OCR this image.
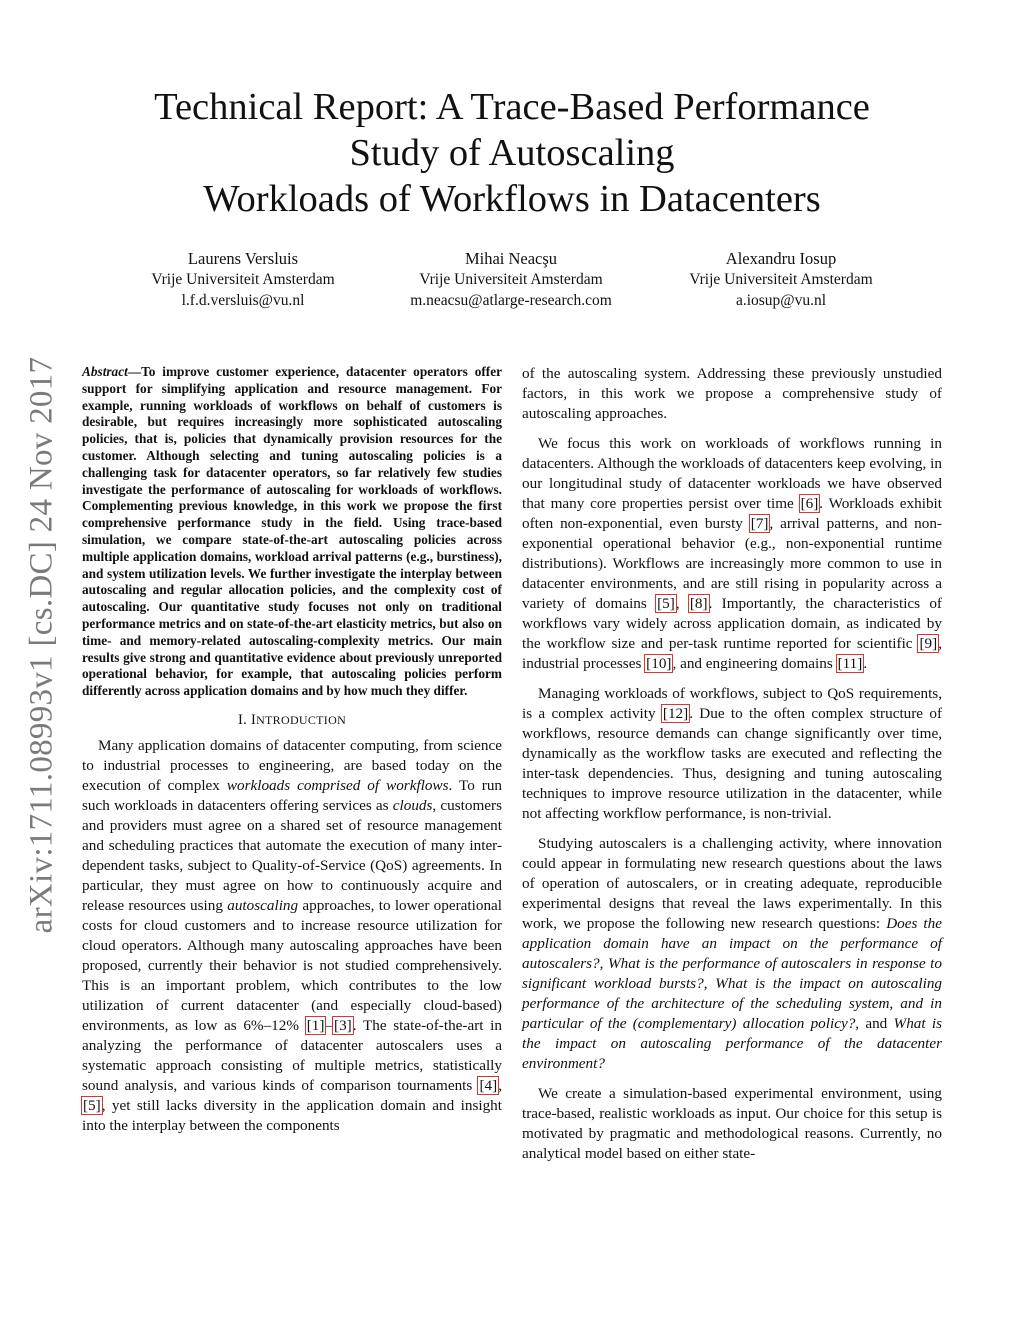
arXiv:1711.08993v1 [cs.DC] 24 Nov 2017
Technical Report: A Trace-Based Performance
Study of Autoscaling
Workloads of Workflows in Datacenters
Laurens Versluis
Vrije Universiteit Amsterdam
l.f.d.versluis@vu.nl
Mihai Neacşu
Vrije Universiteit Amsterdam
m.neacsu@atlarge-research.com
Alexandru Iosup
Vrije Universiteit Amsterdam
a.iosup@vu.nl
Abstract—To improve customer experience, datacenter operators offer support for simplifying application and resource management. For example, running workloads of workflows on behalf of customers is desirable, but requires increasingly more sophisticated autoscaling policies, that is, policies that dynamically provision resources for the customer. Although selecting and tuning autoscaling policies is a challenging task for datacenter operators, so far relatively few studies investigate the performance of autoscaling for workloads of workflows. Complementing previous knowledge, in this work we propose the first comprehensive performance study in the field. Using trace-based simulation, we compare state-of-the-art autoscaling policies across multiple application domains, workload arrival patterns (e.g., burstiness), and system utilization levels. We further investigate the interplay between autoscaling and regular allocation policies, and the complexity cost of autoscaling. Our quantitative study focuses not only on traditional performance metrics and on state-of-the-art elasticity metrics, but also on time- and memory-related autoscaling-complexity metrics. Our main results give strong and quantitative evidence about previously unreported operational behavior, for example, that autoscaling policies perform differently across application domains and by how much they differ.
I. INTRODUCTION

Many application domains of datacenter computing, from science to industrial processes to engineering, are based today on the execution of complex workloads comprised of workflows. To run such workloads in datacenters offering services as clouds, customers and providers must agree on a shared set of resource management and scheduling practices that automate the execution of many inter-dependent tasks, subject to Quality-of-Service (QoS) agreements. In particular, they must agree on how to continuously acquire and release resources using autoscaling approaches, to lower operational costs for cloud customers and to increase resource utilization for cloud operators. Although many autoscaling approaches have been proposed, currently their behavior is not studied comprehensively. This is an important problem, which contributes to the low utilization of current datacenter (and especially cloud-based) environments, as low as 6%–12% [1]–[3]. The state-of-the-art in analyzing the performance of datacenter autoscalers uses a systematic approach consisting of multiple metrics, statistically sound analysis, and various kinds of comparison tournaments [4], [5], yet still lacks diversity in the application domain and insight into the interplay between the components

of the autoscaling system. Addressing these previously unstudied factors, in this work we propose a comprehensive study of autoscaling approaches.

We focus this work on workloads of workflows running in datacenters. Although the workloads of datacenters keep evolving, in our longitudinal study of datacenter workloads we have observed that many core properties persist over time [6]. Workloads exhibit often non-exponential, even bursty [7], arrival patterns, and non-exponential operational behavior (e.g., non-exponential runtime distributions). Workflows are increasingly more common to use in datacenter environments, and are still rising in popularity across a variety of domains [5], [8]. Importantly, the characteristics of workflows vary widely across application domain, as indicated by the workflow size and per-task runtime reported for scientific [9], industrial processes [10], and engineering domains [11].

Managing workloads of workflows, subject to QoS requirements, is a complex activity [12]. Due to the often complex structure of workflows, resource demands can change significantly over time, dynamically as the workflow tasks are executed and reflecting the inter-task dependencies. Thus, designing and tuning autoscaling techniques to improve resource utilization in the datacenter, while not affecting workflow performance, is non-trivial.

Studying autoscalers is a challenging activity, where innovation could appear in formulating new research questions about the laws of operation of autoscalers, or in creating adequate, reproducible experimental designs that reveal the laws experimentally. In this work, we propose the following new research questions: Does the application domain have an impact on the performance of autoscalers?, What is the performance of autoscalers in response to significant workload bursts?, What is the impact on autoscaling performance of the architecture of the scheduling system, and in particular of the (complementary) allocation policy?, and What is the impact on autoscaling performance of the datacenter environment?

We create a simulation-based experimental environment, using trace-based, realistic workloads as input. Our choice for this setup is motivated by pragmatic and methodological reasons. Currently, no analytical model based on either state-
